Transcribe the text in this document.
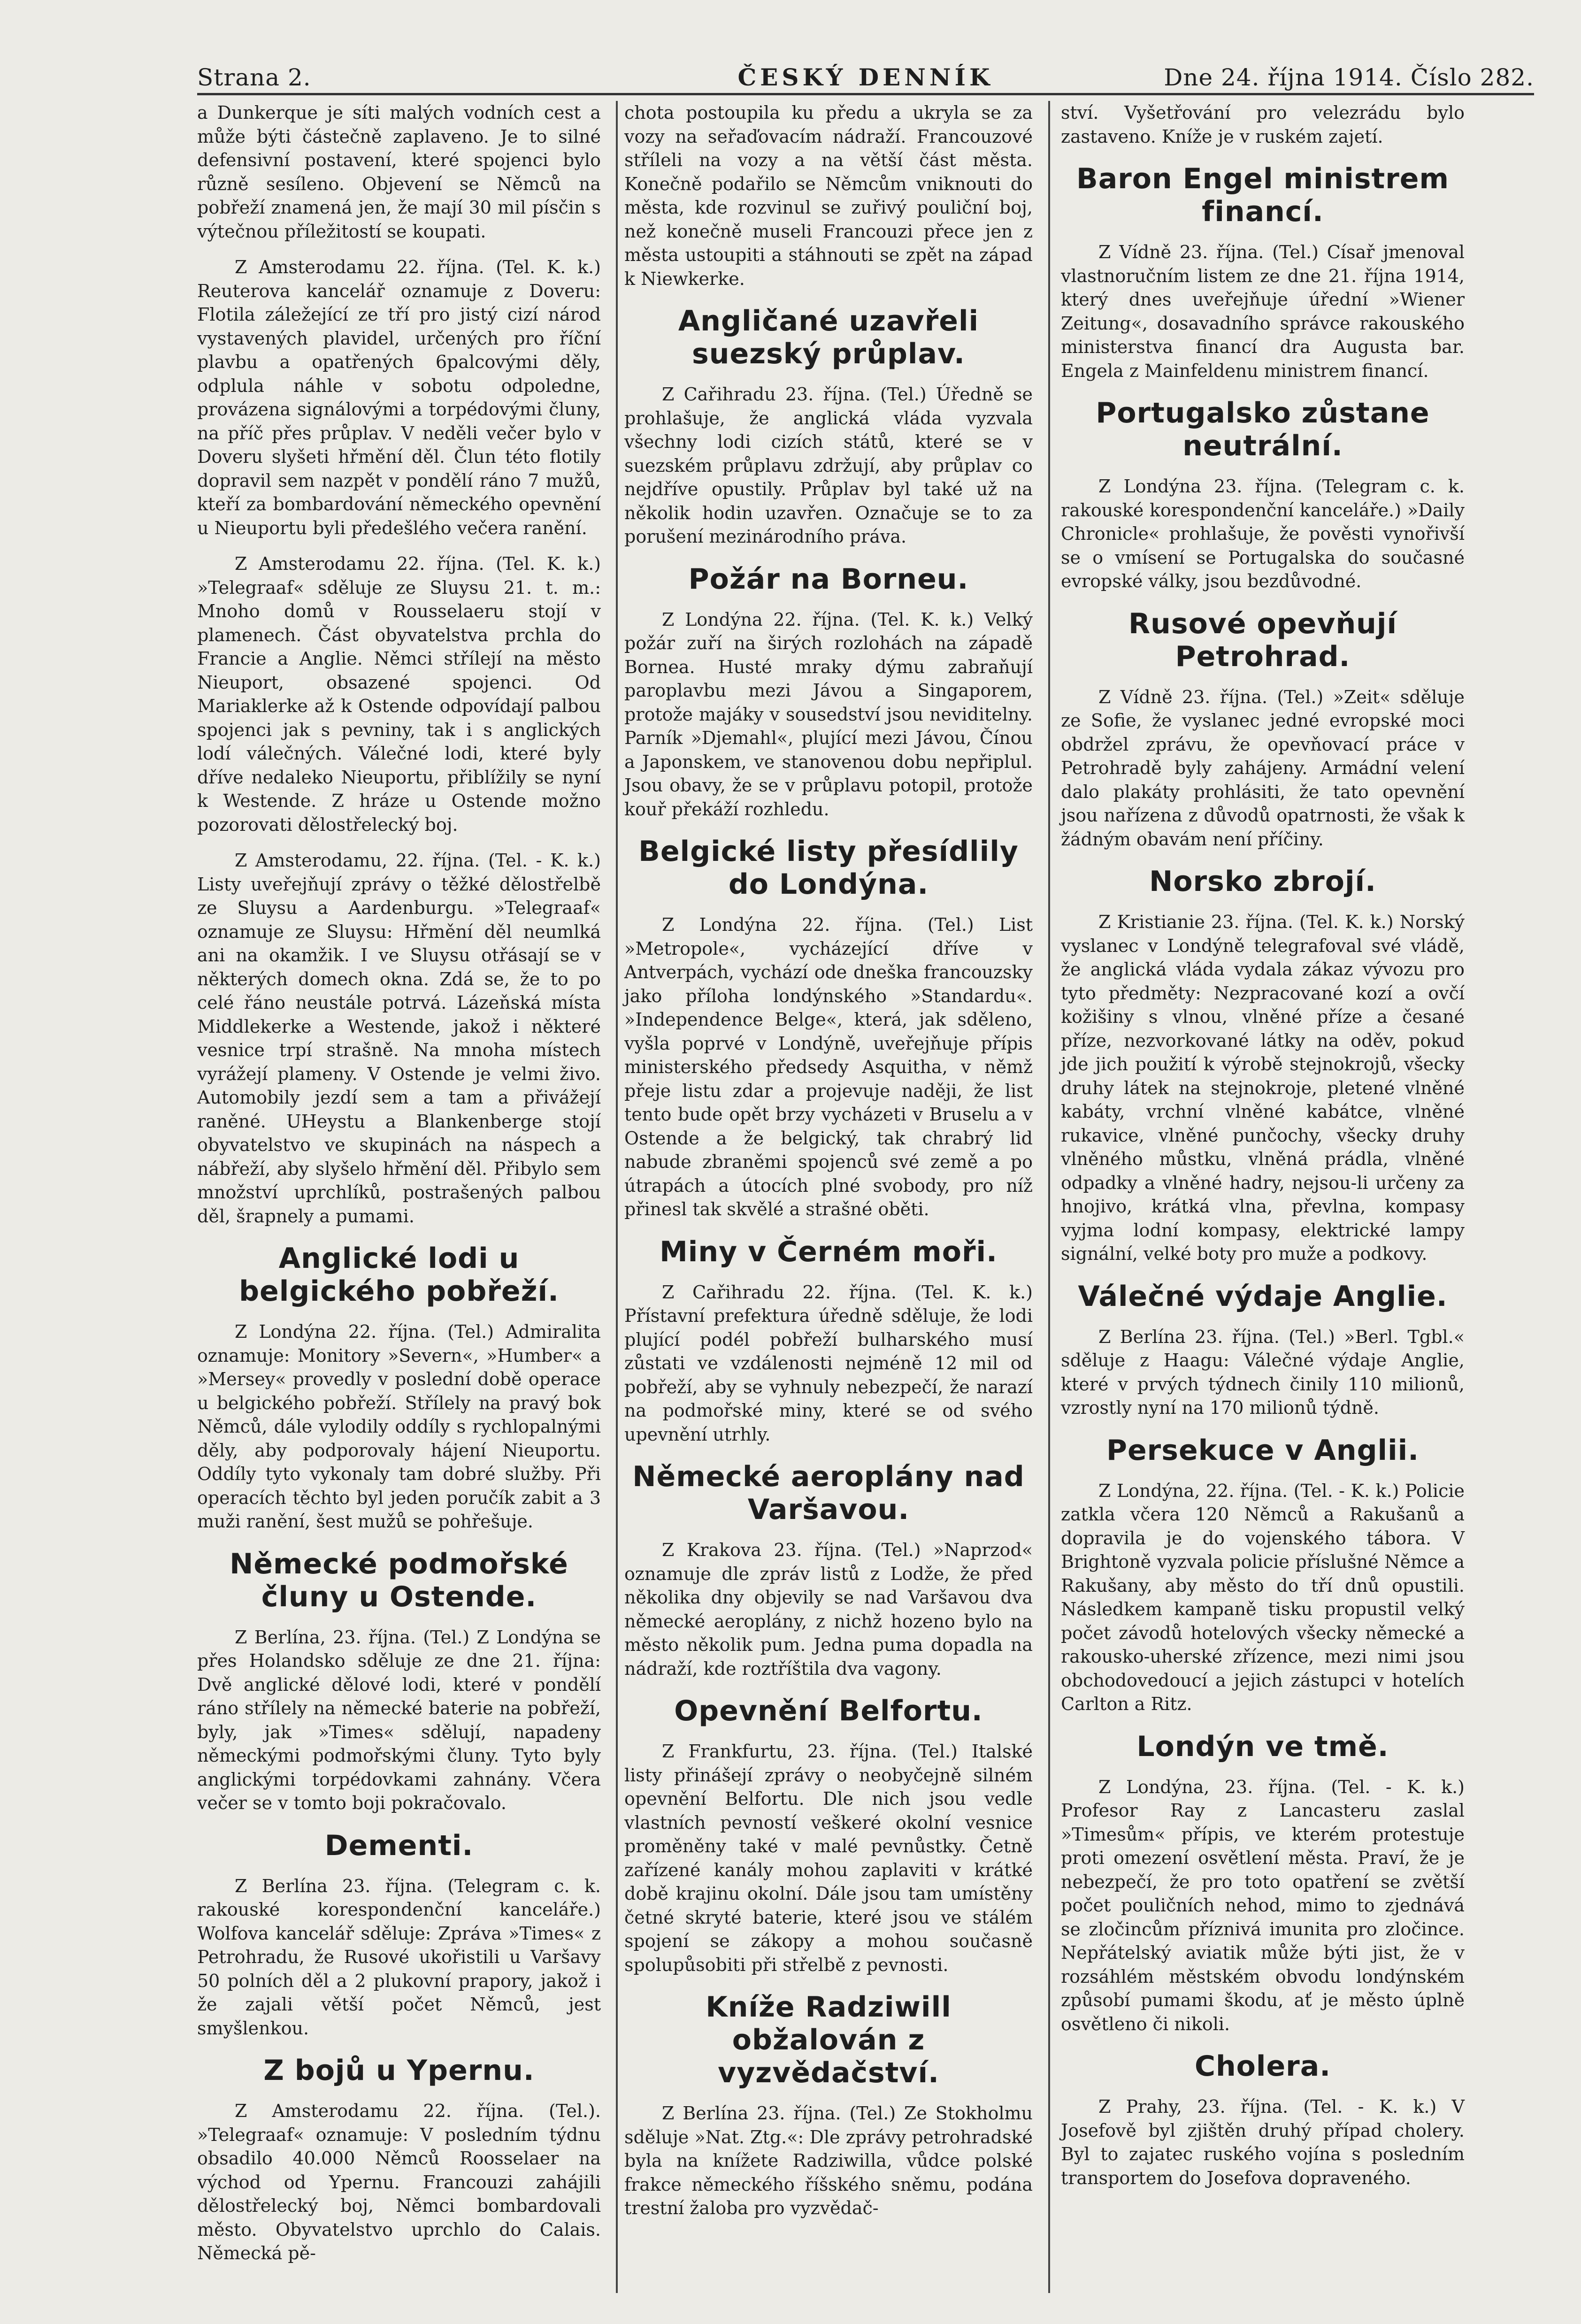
Strana 2.	ČESKÝ DENNÍK	Dne 24. října 1914. Číslo 282.

a Dunkerque je síti malých vodních cest a může býti částečně zaplaveno. Je to silné defensivní postavení, které spojenci bylo různě sesíleno. Objevení se Němců na pobřeží znamená jen, že mají 30 mil písčin s výtečnou příležitostí se koupati.

Z Amsterodamu 22. října. (Tel. K. k.) Reuterova kancelář oznamuje z Doveru: Flotila záležející ze tří pro jistý cizí národ vystavených plavidel, určených pro říční plavbu a opatřených 6palcovými děly, odplula náhle v sobotu odpoledne, provázena signálovými a torpédovými čluny, na příč přes průplav. V neděli večer bylo v Doveru slyšeti hřmění děl. Člun této flotily dopravil sem nazpět v pondělí ráno 7 mužů, kteří za bombardování německého opevnění u Nieuportu byli předešlého večera ranění.

Z Amsterodamu 22. října. (Tel. K. k.) »Telegraaf« sděluje ze Sluysu 21. t. m.: Mnoho domů v Rousselaeru stojí v plamenech. Část obyvatelstva prchla do Francie a Anglie. Němci střílejí na město Nieuport, obsazené spojenci. Od Mariaklerke až k Ostende odpovídají palbou spojenci jak s pevniny, tak i s anglických lodí válečných. Válečné lodi, které byly dříve nedaleko Nieuportu, přiblížily se nyní k Westende. Z hráze u Ostende možno pozorovati dělostřelecký boj.

Z Amsterodamu, 22. října. (Tel. - K. k.) Listy uveřejňují zprávy o těžké dělostřelbě ze Sluysu a Aardenburgu. »Telegraaf« oznamuje ze Sluysu: Hřmění děl neumlká ani na okamžik. I ve Sluysu otřásají se v některých domech okna. Zdá se, že to po celé řáno neustále potrvá. Lázeňská místa Middlekerke a Westende, jakož i některé vesnice trpí strašně. Na mnoha místech vyrážejí plameny. V Ostende je velmi živo. Automobily jezdí sem a tam a přivážejí raněné. UHeystu a Blankenberge stojí obyvatelstvo ve skupinách na náspech a nábřeží, aby slyšelo hřmění děl. Přibylo sem množství uprchlíků, postrašených palbou děl, šrapnely a pumami.

Anglické lodi u belgického pobřeží.

Z Londýna 22. října. (Tel.) Admiralita oznamuje: Monitory »Severn«, »Humber« a »Mersey« provedly v poslední době operace u belgického pobřeží. Střílely na pravý bok Němců, dále vylodily oddíly s rychlopalnými děly, aby podporovaly hájení Nieuportu. Oddíly tyto vykonaly tam dobré služby. Při operacích těchto byl jeden poručík zabit a 3 muži ranění, šest mužů se pohřešuje.

Německé podmořské čluny u Ostende.

Z Berlína, 23. října. (Tel.) Z Londýna se přes Holandsko sděluje ze dne 21. října: Dvě anglické dělové lodi, které v pondělí ráno střílely na německé baterie na pobřeží, byly, jak »Times« sdělují, napadeny německými podmořskými čluny. Tyto byly anglickými torpédovkami zahnány. Včera večer se v tomto boji pokračovalo.

Dementi.

Z Berlína 23. října. (Telegram c. k. rakouské korespondenční kanceláře.) Wolfova kancelář sděluje: Zpráva »Times« z Petrohradu, že Rusové ukořistili u Varšavy 50 polních děl a 2 plukovní prapory, jakož i že zajali větší počet Němců, jest smyšlenkou.

Z bojů u Ypernu.

Z Amsterodamu 22. října. (Tel.). »Telegraaf« oznamuje: V posledním týdnu obsadilo 40.000 Němců Roosselaer na východ od Ypernu. Francouzi zahájili dělostřelecký boj, Němci bombardovali město. Obyvatelstvo uprchlo do Calais. Německá pě-

chota postoupila ku předu a ukryla se za vozy na seřaďovacím nádraží. Francouzové stříleli na vozy a na větší část města. Konečně podařilo se Němcům vniknouti do města, kde rozvinul se zuřivý pouliční boj, než konečně museli Francouzi přece jen z města ustoupiti a stáhnouti se zpět na západ k Niewkerke.

Angličané uzavřeli suezský průplav.

Z Cařihradu 23. října. (Tel.) Úředně se prohlašuje, že anglická vláda vyzvala všechny lodi cizích států, které se v suezském průplavu zdržují, aby průplav co nejdříve opustily. Průplav byl také už na několik hodin uzavřen. Označuje se to za porušení mezinárodního práva.

Požár na Borneu.

Z Londýna 22. října. (Tel. K. k.) Velký požár zuří na širých rozlohách na západě Bornea. Husté mraky dýmu zabraňují paroplavbu mezi Jávou a Singaporem, protože majáky v sousedství jsou neviditelny. Parník »Djemahl«, plující mezi Jávou, Čínou a Japonskem, ve stanovenou dobu nepřiplul. Jsou obavy, že se v průplavu potopil, protože kouř překáží rozhledu.

Belgické listy přesídlily do Londýna.

Z Londýna 22. října. (Tel.) List »Metropole«, vycházející dříve v Antverpách, vychází ode dneška francouzsky jako příloha londýnského »Standardu«. »Independence Belge«, která, jak sděleno, vyšla poprvé v Londýně, uveřejňuje přípis ministerského předsedy Asquitha, v němž přeje listu zdar a projevuje naději, že list tento bude opět brzy vycházeti v Bruselu a v Ostende a že belgický, tak chrabrý lid nabude zbraněmi spojenců své země a po útrapách a útocích plné svobody, pro níž přinesl tak skvělé a strašné oběti.

Miny v Černém moři.

Z Cařihradu 22. října. (Tel. K. k.) Přístavní prefektura úředně sděluje, že lodi plující podél pobřeží bulharského musí zůstati ve vzdálenosti nejméně 12 mil od pobřeží, aby se vyhnuly nebezpečí, že narazí na podmořské miny, které se od svého upevnění utrhly.

Německé aeroplány nad Varšavou.

Z Krakova 23. října. (Tel.) »Naprzod« oznamuje dle zpráv listů z Lodže, že před několika dny objevily se nad Varšavou dva německé aeroplány, z nichž hozeno bylo na město několik pum. Jedna puma dopadla na nádraží, kde roztříštila dva vagony.

Opevnění Belfortu.

Z Frankfurtu, 23. října. (Tel.) Italské listy přinášejí zprávy o neobyčejně silném opevnění Belfortu. Dle nich jsou vedle vlastních pevností veškeré okolní vesnice proměněny také v malé pevnůstky. Četně zařízené kanály mohou zaplaviti v krátké době krajinu okolní. Dále jsou tam umístěny četné skryté baterie, které jsou ve stálém spojení se zákopy a mohou současně spolupůsobiti při střelbě z pevnosti.

Kníže Radziwill obžalován z vyzvědačství.

Z Berlína 23. října. (Tel.) Ze Stokholmu sděluje »Nat. Ztg.«: Dle zprávy petrohradské byla na knížete Radziwilla, vůdce polské frakce německého říšského sněmu, podána trestní žaloba pro vyzvědač-

ství. Vyšetřování pro velezrádu bylo zastaveno. Kníže je v ruském zajetí.

Baron Engel ministrem financí.

Z Vídně 23. října. (Tel.) Císař jmenoval vlastnoručním listem ze dne 21. října 1914, který dnes uveřejňuje úřední »Wiener Zeitung«, dosavadního správce rakouského ministerstva financí dra Augusta bar. Engela z Mainfeldenu ministrem financí.

Portugalsko zůstane neutrální.

Z Londýna 23. října. (Telegram c. k. rakouské korespondenční kanceláře.) »Daily Chronicle« prohlašuje, že pověsti vynořivší se o vmísení se Portugalska do současné evropské války, jsou bezdůvodné.

Rusové opevňují Petrohrad.

Z Vídně 23. října. (Tel.) »Zeit« sděluje ze Sofie, že vyslanec jedné evropské moci obdržel zprávu, že opevňovací práce v Petrohradě byly zahájeny. Armádní velení dalo plakáty prohlásiti, že tato opevnění jsou nařízena z důvodů opatrnosti, že však k žádným obavám není příčiny.

Norsko zbrojí.

Z Kristianie 23. října. (Tel. K. k.) Norský vyslanec v Londýně telegrafoval své vládě, že anglická vláda vydala zákaz vývozu pro tyto předměty: Nezpracované kozí a ovčí kožišiny s vlnou, vlněné příze a česané příze, nezvorkované látky na oděv, pokud jde jich použití k výrobě stejnokrojů, všecky druhy látek na stejnokroje, pletené vlněné kabáty, vrchní vlněné kabátce, vlněné rukavice, vlněné punčochy, všecky druhy vlněného můstku, vlněná prádla, vlněné odpadky a vlněné hadry, nejsou-li určeny za hnojivo, krátká vlna, převlna, kompasy vyjma lodní kompasy, elektrické lampy signální, velké boty pro muže a podkovy.

Válečné výdaje Anglie.

Z Berlína 23. října. (Tel.) »Berl. Tgbl.« sděluje z Haagu: Válečné výdaje Anglie, které v prvých týdnech činily 110 milionů, vzrostly nyní na 170 milionů týdně.

Persekuce v Anglii.

Z Londýna, 22. října. (Tel. - K. k.) Policie zatkla včera 120 Němců a Rakušanů a dopravila je do vojenského tábora. V Brightoně vyzvala policie příslušné Němce a Rakušany, aby město do tří dnů opustili. Následkem kampaně tisku propustil velký počet závodů hotelových všecky německé a rakousko-uherské zřízence, mezi nimi jsou obchodovedoucí a jejich zástupci v hotelích Carlton a Ritz.

Londýn ve tmě.

Z Londýna, 23. října. (Tel. - K. k.) Profesor Ray z Lancasteru zaslal »Timesům« přípis, ve kterém protestuje proti omezení osvětlení města. Praví, že je nebezpečí, že pro toto opatření se zvětší počet pouličních nehod, mimo to zjednává se zločincům příznivá imunita pro zločince. Nepřátelský aviatik může býti jist, že v rozsáhlém městském obvodu londýnském způsobí pumami škodu, ať je město úplně osvětleno či nikoli.

Cholera.

Z Prahy, 23. října. (Tel. - K. k.) V Josefově byl zjištěn druhý případ cholery. Byl to zajatec ruského vojína s posledním transportem do Josefova dopraveného.
